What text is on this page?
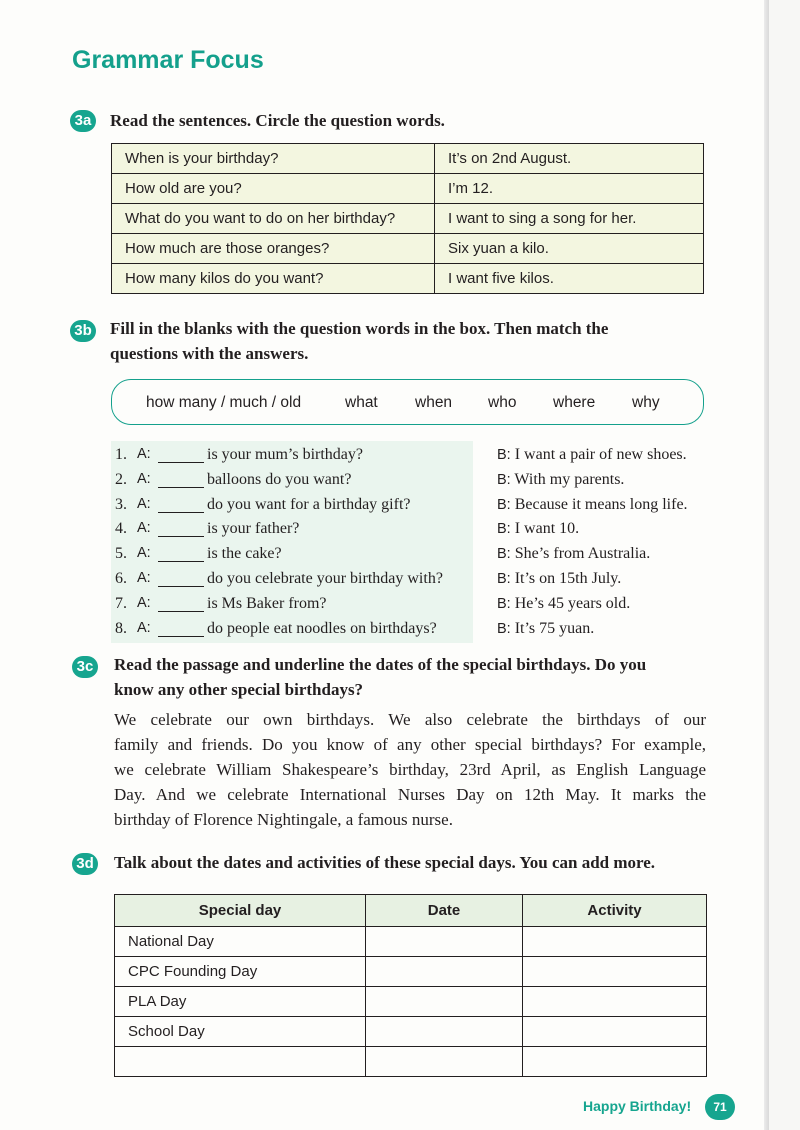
Grammar Focus
3a Read the sentences. Circle the question words.
When is your birthday?	It’s on 2nd August.
How old are you?	I’m 12.
What do you want to do on her birthday?	I want to sing a song for her.
How much are those oranges?	Six yuan a kilo.
How many kilos do you want?	I want five kilos.
3b Fill in the blanks with the question words in the box. Then match the
questions with the answers.
how many / much / old	what when who where why
1. A:	is your mum’s birthday?	B: I want a pair of new shoes.
2. A:	balloons do you want?	B: With my parents.
3. A:	do you want for a birthday gift?	B: Because it means long life.
4. A:	is your father?	B: I want 10.
5. A:	is the cake?	B: She’s from Australia.
6. A:	do you celebrate your birthday with?	B: It’s on 15th July.
7. A:	is Ms Baker from?	B: He’s 45 years old.
8. A:	do people eat noodles on birthdays?	B: It’s 75 yuan.
3c Read the passage and underline the dates of the special birthdays. Do you
know any other special birthdays?
We celebrate our own birthdays. We also celebrate the birthdays of our
family and friends. Do you know of any other special birthdays? For example,
we celebrate William Shakespeare’s birthday, 23rd April, as English Language
Day. And we celebrate International Nurses Day on 12th May. It marks the
birthday of Florence Nightingale, a famous nurse.
3d Talk about the dates and activities of these special days. You can add more.
Special day	Date	Activity
National Day		
CPC Founding Day		
PLA Day		
School Day		

Happy Birthday!	71
